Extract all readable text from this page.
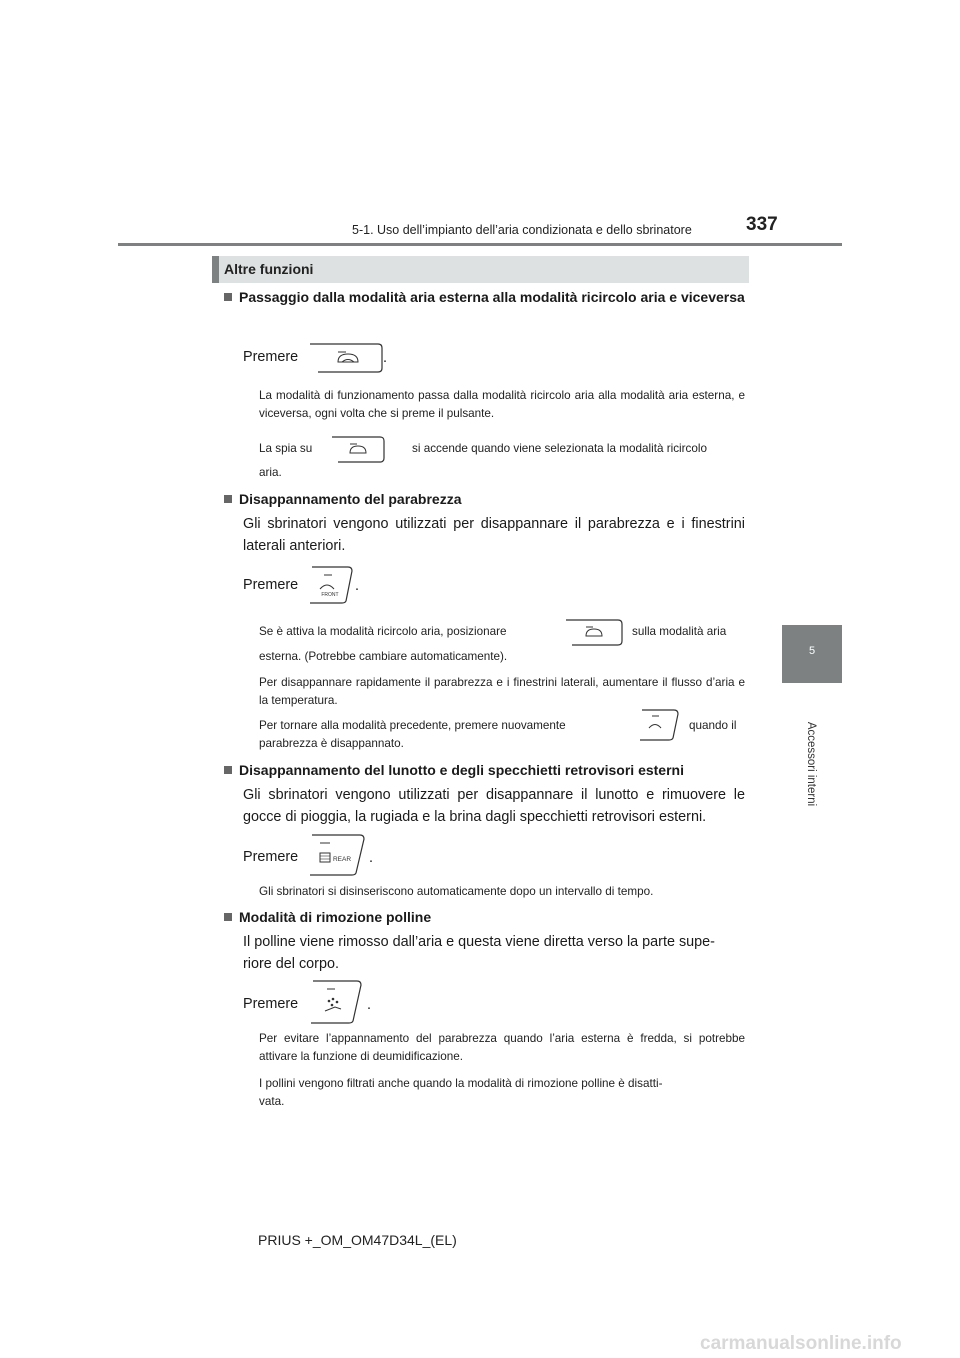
5-1. Uso dell’impianto dell’aria condizionata e dello sbrinatore	337
5
Accessori interni
Altre funzioni
Passaggio dalla modalità aria esterna alla modalità ricircolo aria e viceversa
Premere	.
La modalità di funzionamento passa dalla modalità ricircolo aria alla modalità aria esterna, e viceversa, ogni volta che si preme il pulsante.
La spia su	si accende quando viene selezionata la modalità ricircolo
aria.
Disappannamento del parabrezza
Gli sbrinatori vengono utilizzati per disappannare il parabrezza e i finestrini laterali anteriori.
Premere
FRONT
.
Se è attiva la modalità ricircolo aria, posizionare	sulla modalità aria
esterna. (Potrebbe cambiare automaticamente).
Per disappannare rapidamente il parabrezza e i finestrini laterali, aumentare il flusso d’aria e la temperatura.
Per tornare alla modalità precedente, premere nuovamente	quando il
parabrezza è disappannato.
Disappannamento del lunotto e degli specchietti retrovisori esterni
Gli sbrinatori vengono utilizzati per disappannare il lunotto e rimuovere le gocce di pioggia, la rugiada e la brina dagli specchietti retrovisori esterni.
Premere	REAR .
Gli sbrinatori si disinseriscono automaticamente dopo un intervallo di tempo.
Modalità di rimozione polline
Il polline viene rimosso dall’aria e questa viene diretta verso la parte supe-
riore del corpo.
Premere	.
Per evitare l’appannamento del parabrezza quando l’aria esterna è fredda, si potrebbe attivare la funzione di deumidificazione.
I pollini vengono filtrati anche quando la modalità di rimozione polline è disatti-
vata.
PRIUS +_OM_OM47D34L_(EL)
carmanualsonline.info
